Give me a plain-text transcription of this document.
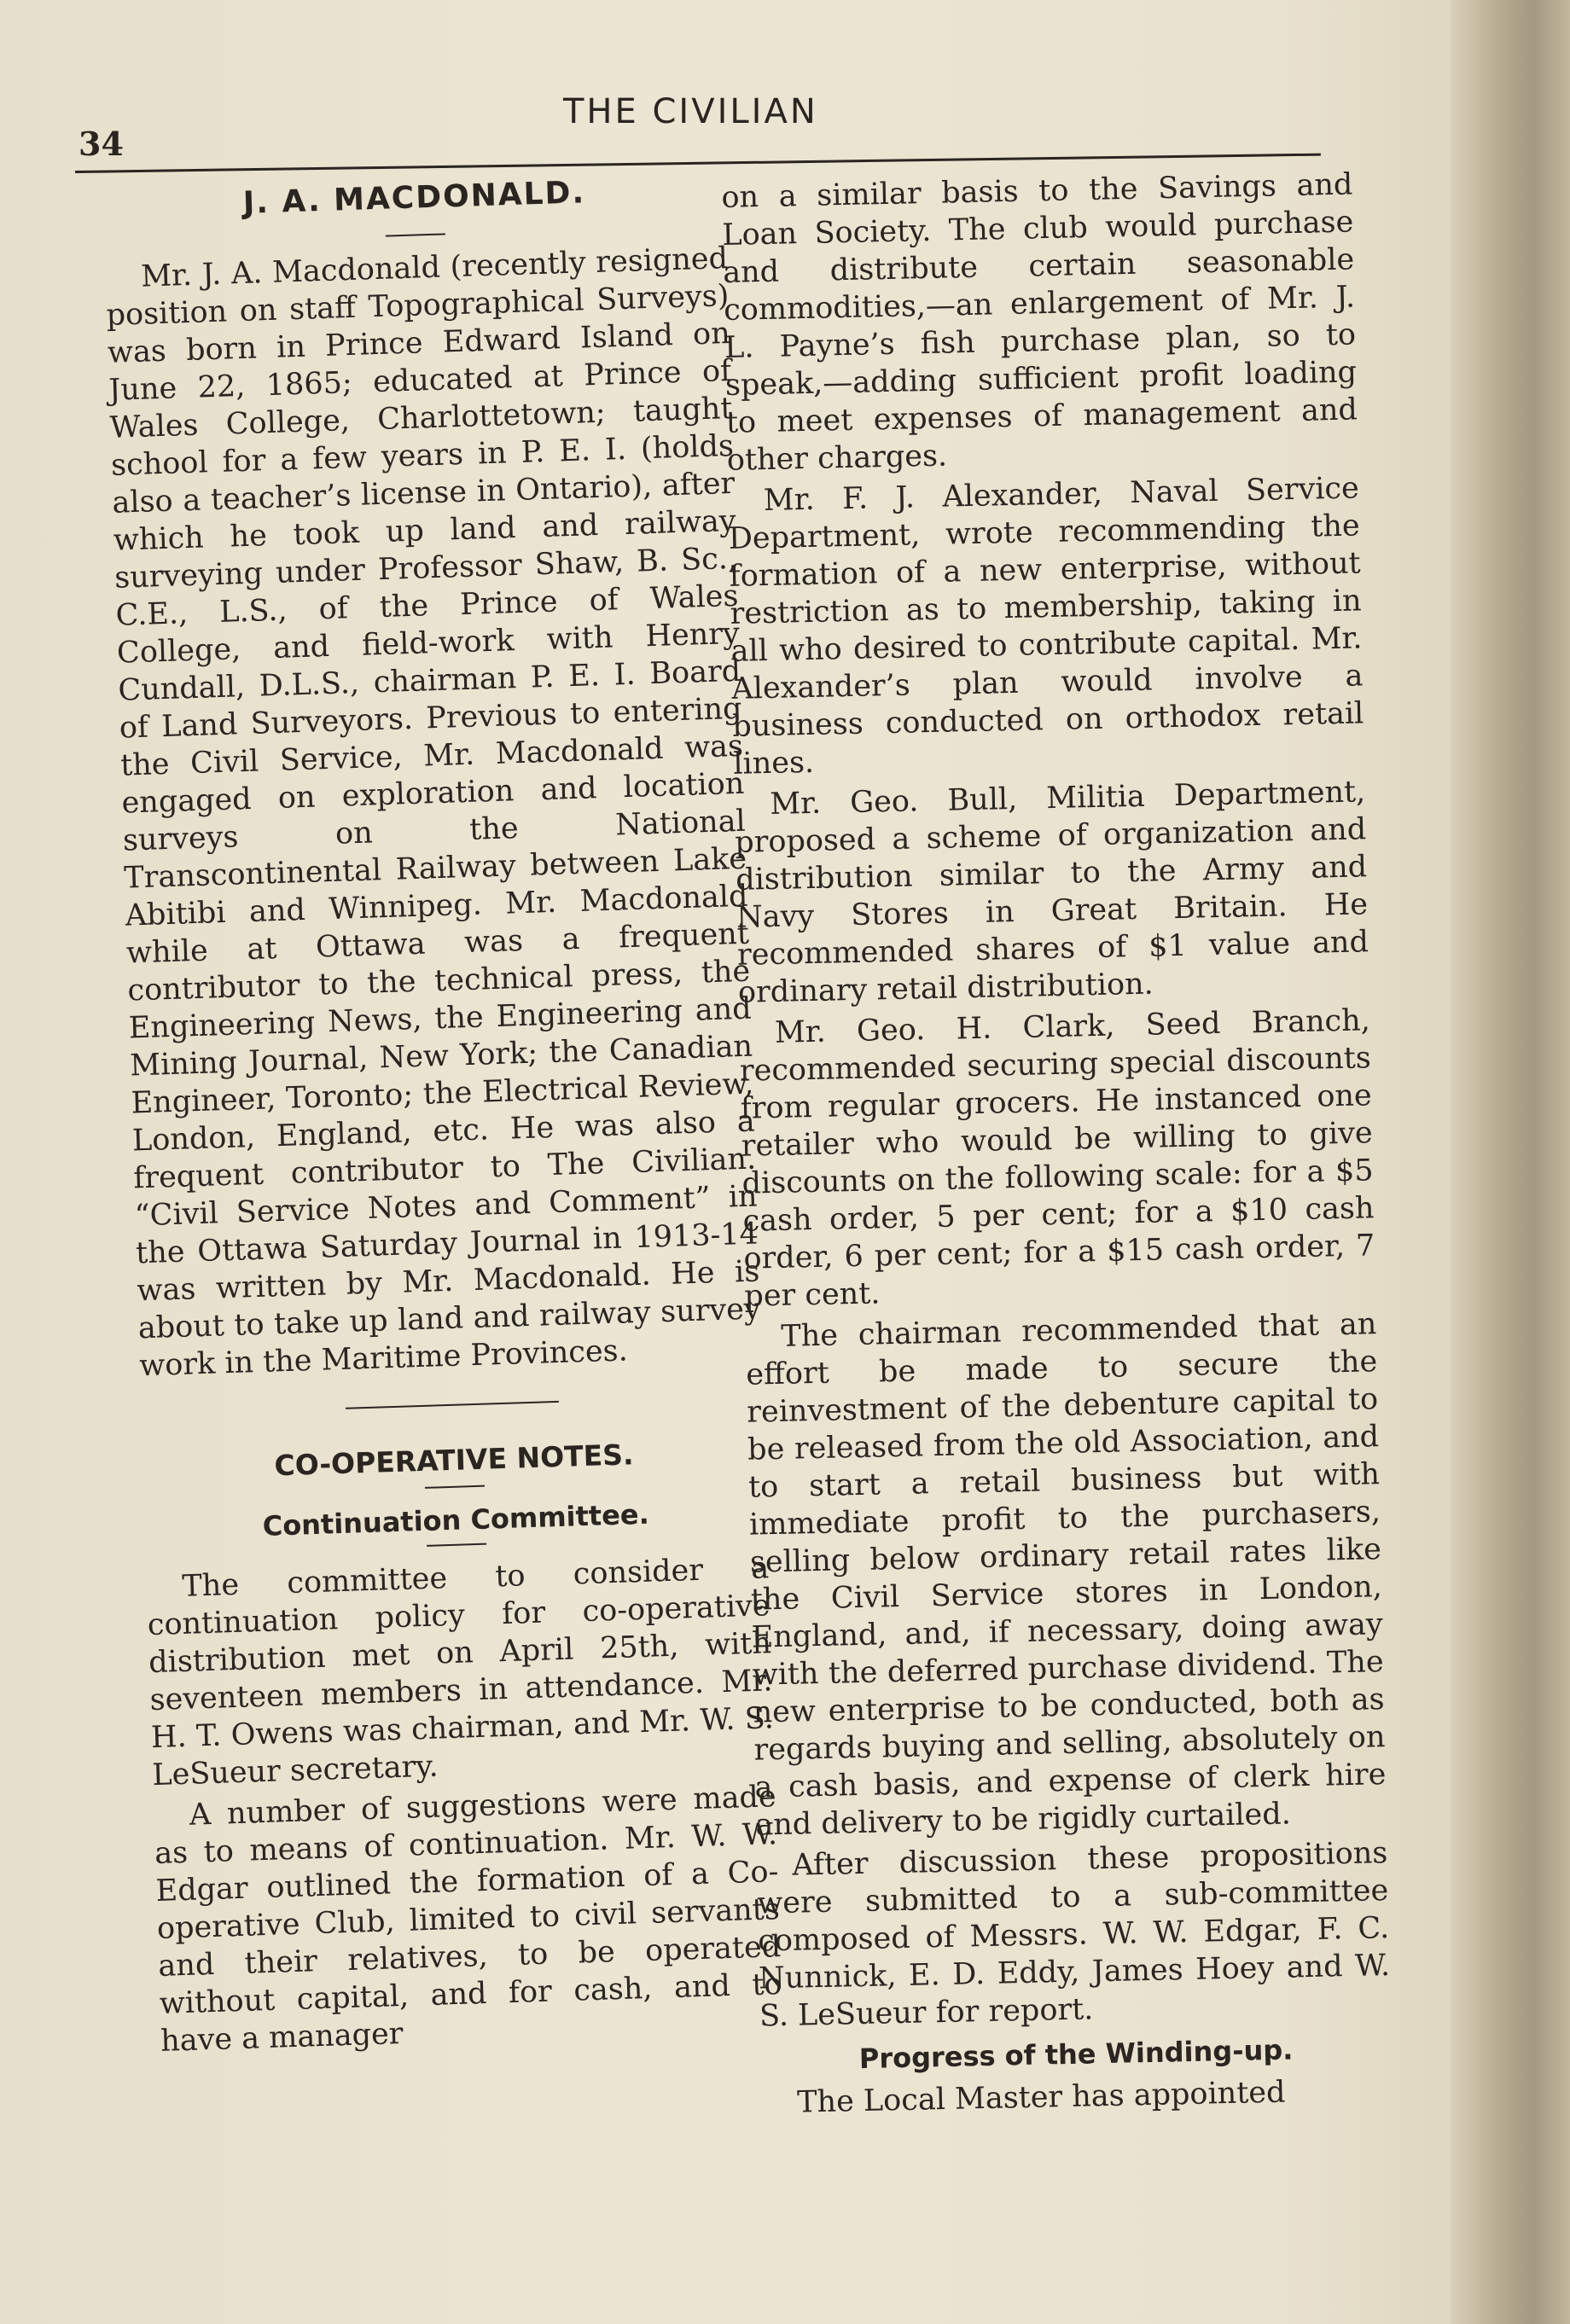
34
THE CIVILIAN
J. A. MACDONALD.

Mr. J. A. Macdonald (recently resigned position on staff Topographical Surveys) was born in Prince Edward Island on June 22, 1865; educated at Prince of Wales College, Charlottetown; taught school for a few years in P. E. I. (holds also a teacher’s license in Ontario), after which he took up land and railway surveying under Professor Shaw, B. Sc., C.E., L.S., of the Prince of Wales College, and field-work with Henry Cundall, D.L.S., chairman P. E. I. Board of Land Surveyors. Previous to entering the Civil Service, Mr. Macdonald was engaged on exploration and location surveys on the National Transcontinental Railway between Lake Abitibi and Winnipeg. Mr. Macdonald while at Ottawa was a frequent contributor to the technical press, the Engineering News, the Engineering and Mining Journal, New York; the Canadian Engineer, Toronto; the Electrical Review, London, England, etc. He was also a frequent contributor to The Civilian. “Civil Service Notes and Comment” in the Ottawa Saturday Journal in 1913-14 was written by Mr. Macdonald. He is about to take up land and railway survey work in the Maritime Provinces.

CO-OPERATIVE NOTES.
Continuation Committee.

The committee to consider a continuation policy for co-operative distribution met on April 25th, with seventeen members in attendance. Mr. H. T. Owens was chairman, and Mr. W. S. LeSueur secretary.

A number of suggestions were made as to means of continuation. Mr. W. W. Edgar outlined the formation of a Co-operative Club, limited to civil servants and their relatives, to be operated without capital, and for cash, and to have a manager

on a similar basis to the Savings and Loan Society. The club would purchase and distribute certain seasonable commodities,—an enlargement of Mr. J. L. Payne’s fish purchase plan, so to speak,—adding sufficient profit loading to meet expenses of management and other charges.

Mr. F. J. Alexander, Naval Service Department, wrote recommending the formation of a new enterprise, without restriction as to membership, taking in all who desired to contribute capital. Mr. Alexander’s plan would involve a business conducted on orthodox retail lines.

Mr. Geo. Bull, Militia Department, proposed a scheme of organization and distribution similar to the Army and Navy Stores in Great Britain. He recommended shares of $1 value and ordinary retail distribution.

Mr. Geo. H. Clark, Seed Branch, recommended securing special discounts from regular grocers. He instanced one retailer who would be willing to give discounts on the following scale: for a $5 cash order, 5 per cent; for a $10 cash order, 6 per cent; for a $15 cash order, 7 per cent.

The chairman recommended that an effort be made to secure the reinvestment of the debenture capital to be released from the old Association, and to start a retail business but with immediate profit to the purchasers, selling below ordinary retail rates like the Civil Service stores in London, England, and, if necessary, doing away with the deferred purchase dividend. The new enterprise to be conducted, both as regards buying and selling, absolutely on a cash basis, and expense of clerk hire and delivery to be rigidly curtailed.

After discussion these propositions were submitted to a sub-committee composed of Messrs. W. W. Edgar, F. C. Nunnick, E. D. Eddy, James Hoey and W. S. LeSueur for report.

Progress of the Winding-up.

The Local Master has appointed
